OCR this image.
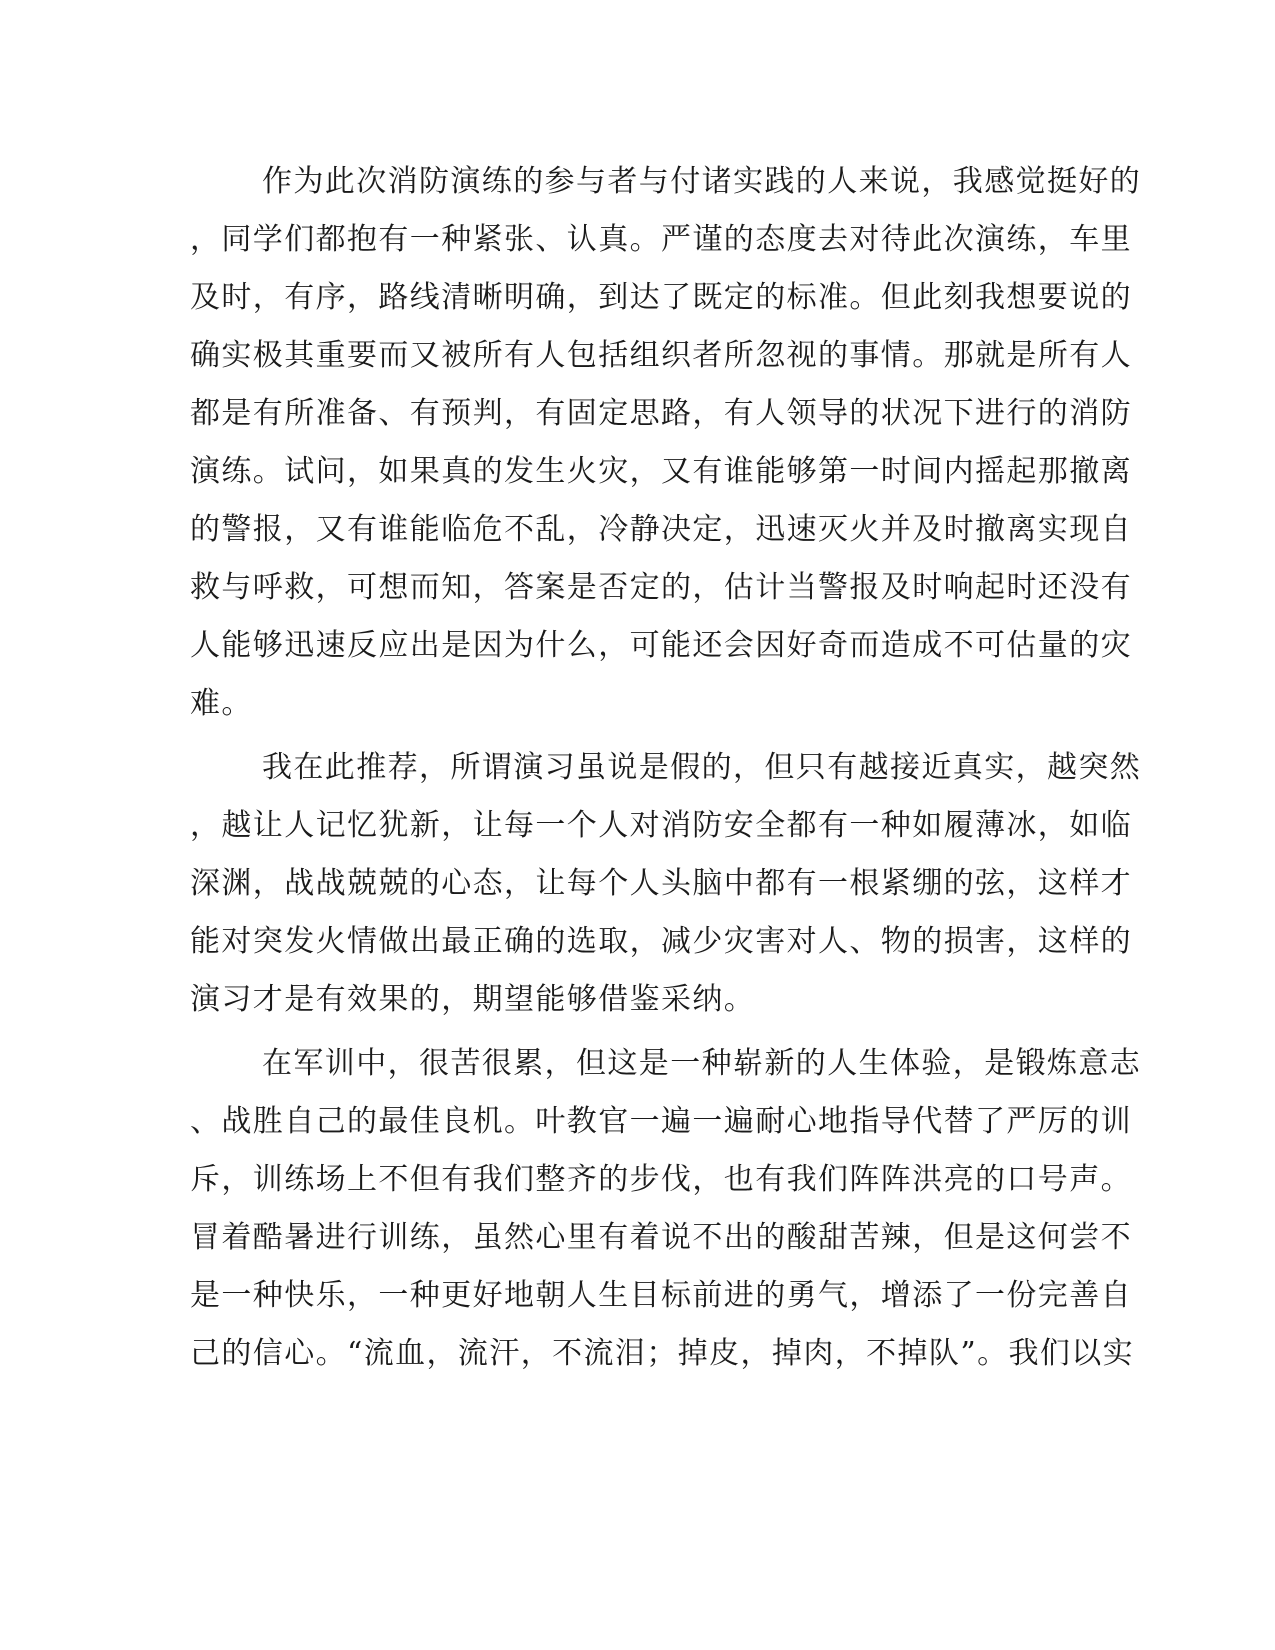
作为此次消防演练的参与者与付诸实践的人来说，我感觉挺好的
，同学们都抱有一种紧张、认真。严谨的态度去对待此次演练，车里
及时，有序，路线清晰明确，到达了既定的标准。但此刻我想要说的
确实极其重要而又被所有人包括组织者所忽视的事情。那就是所有人
都是有所准备、有预判，有固定思路，有人领导的状况下进行的消防
演练。试问，如果真的发生火灾，又有谁能够第一时间内摇起那撤离
的警报，又有谁能临危不乱，冷静决定，迅速灭火并及时撤离实现自
救与呼救，可想而知，答案是否定的，估计当警报及时响起时还没有
人能够迅速反应出是因为什么，可能还会因好奇而造成不可估量的灾
难。
我在此推荐，所谓演习虽说是假的，但只有越接近真实，越突然
，越让人记忆犹新，让每一个人对消防安全都有一种如履薄冰，如临
深渊，战战兢兢的心态，让每个人头脑中都有一根紧绷的弦，这样才
能对突发火情做出最正确的选取，减少灾害对人、物的损害，这样的
演习才是有效果的，期望能够借鉴采纳。
在军训中，很苦很累，但这是一种崭新的人生体验，是锻炼意志
、战胜自己的最佳良机。叶教官一遍一遍耐心地指导代替了严厉的训
斥，训练场上不但有我们整齐的步伐，也有我们阵阵洪亮的口号声。
冒着酷暑进行训练，虽然心里有着说不出的酸甜苦辣，但是这何尝不
是一种快乐，一种更好地朝人生目标前进的勇气，增添了一份完善自
己的信心。“流血，流汗，不流泪；掉皮，掉肉，不掉队”。我们以实
